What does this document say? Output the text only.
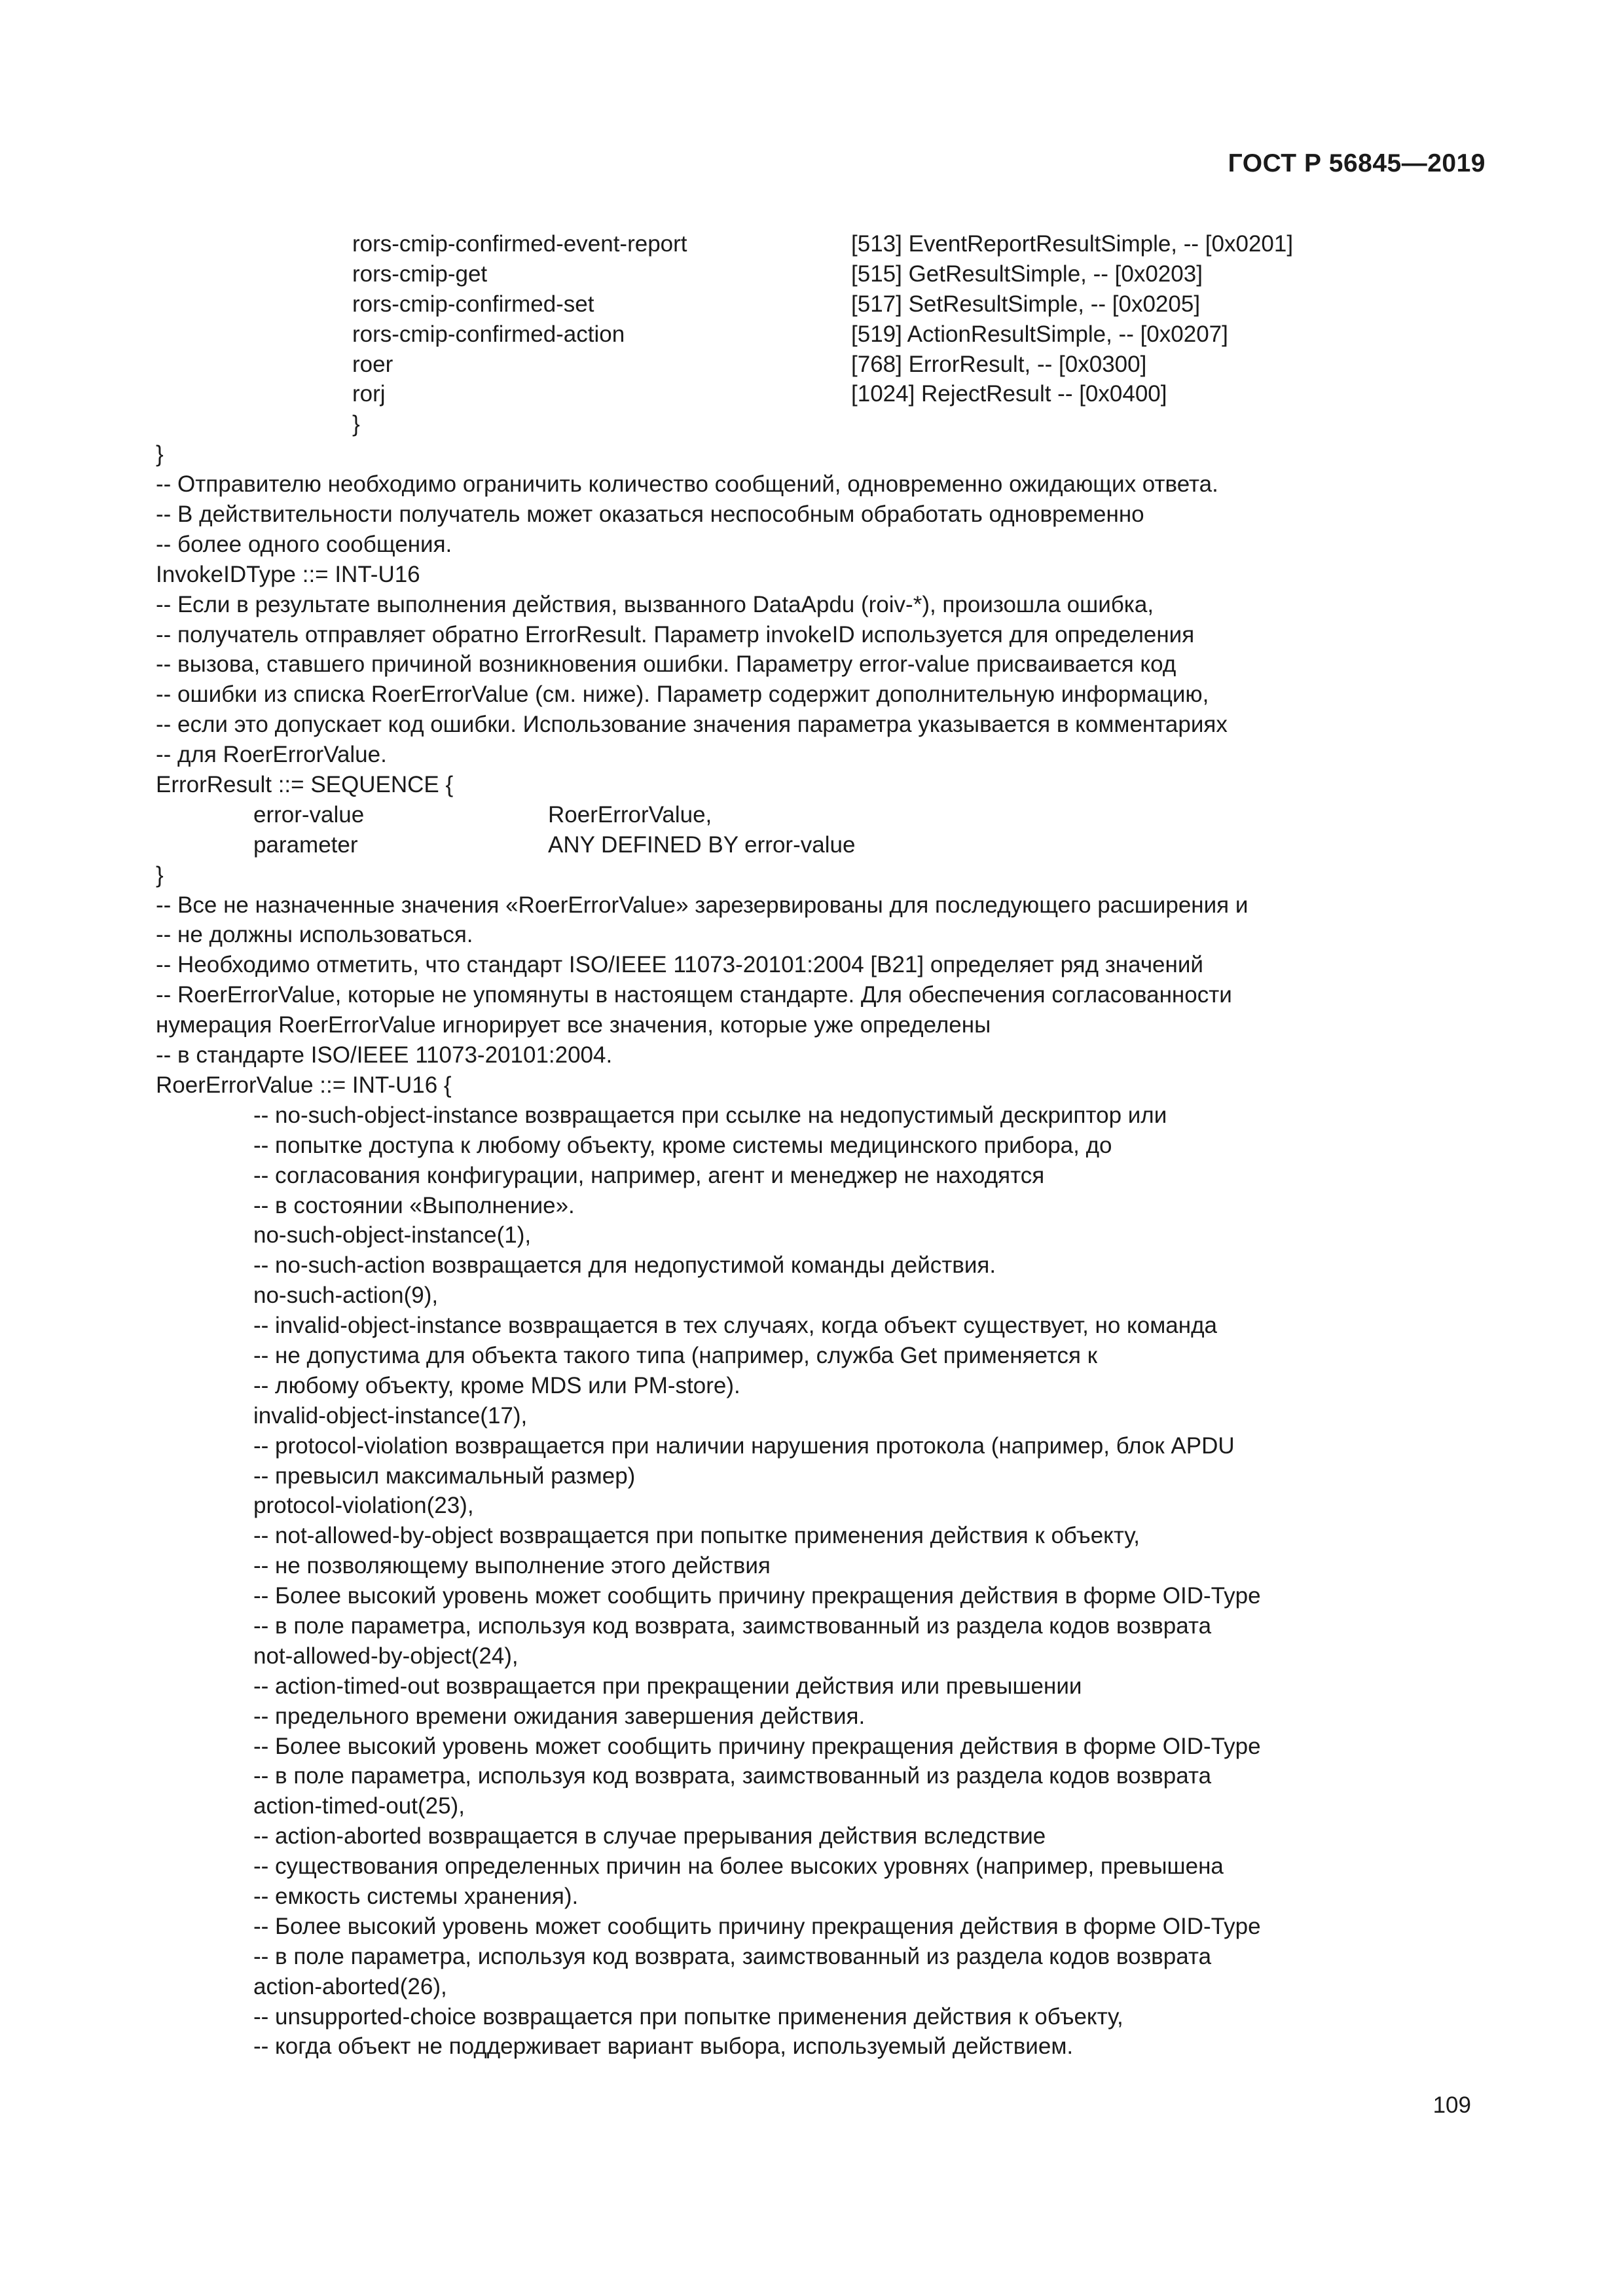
ГОСТ Р 56845—2019
rors-cmip-confirmed-event-report	[513] EventReportResultSimple, -- [0x0201]
rors-cmip-get	[515] GetResultSimple, -- [0x0203]
rors-cmip-confirmed-set	[517] SetResultSimple, -- [0x0205]
rors-cmip-confirmed-action	[519] ActionResultSimple, -- [0x0207]
roer	[768] ErrorResult, -- [0x0300]
rorj	[1024] RejectResult -- [0x0400]
}
}
-- Отправителю необходимо ограничить количество сообщений, одновременно ожидающих ответа.
-- В действительности получатель может оказаться неспособным обработать одновременно
-- более одного сообщения.
InvokeIDType ::= INT-U16
-- Если в результате выполнения действия, вызванного DataApdu (roiv-*), произошла ошибка,
-- получатель отправляет обратно ErrorResult. Параметр invokeID используется для определения
-- вызова, ставшего причиной возникновения ошибки. Параметру error-value присваивается код
-- ошибки из списка RoerErrorValue (см. ниже). Параметр содержит дополнительную информацию,
-- если это допускает код ошибки. Использование значения параметра указывается в комментариях
-- для RoerErrorValue.
ErrorResult ::= SEQUENCE {
error-value	RoerErrorValue,
parameter	ANY DEFINED BY error-value
}
-- Все не назначенные значения «RoerErrorValue» зарезервированы для последующего расширения и
-- не должны использоваться.
-- Необходимо отметить, что стандарт ISO/IEEE 11073-20101:2004 [B21] определяет ряд значений
-- RoerErrorValue, которые не упомянуты в настоящем стандарте. Для обеспечения согласованности
нумерация RoerErrorValue игнорирует все значения, которые уже определены
-- в стандарте ISO/IEEE 11073-20101:2004.
RoerErrorValue ::= INT-U16 {
-- no-such-object-instance возвращается при ссылке на недопустимый дескриптор или
-- попытке доступа к любому объекту, кроме системы медицинского прибора, до
-- согласования конфигурации, например, агент и менеджер не находятся
-- в состоянии «Выполнение».
no-such-object-instance(1),
-- no-such-action возвращается для недопустимой команды действия.
no-such-action(9),
-- invalid-object-instance возвращается в тех случаях, когда объект существует, но команда
-- не допустима для объекта такого типа (например, служба Get применяется к
-- любому объекту, кроме MDS или PM-store).
invalid-object-instance(17),
-- protocol-violation возвращается при наличии нарушения протокола (например, блок APDU
-- превысил максимальный размер)
protocol-violation(23),
-- not-allowed-by-object возвращается при попытке применения действия к объекту,
-- не позволяющему выполнение этого действия
-- Более высокий уровень может сообщить причину прекращения действия в форме OID-Type
-- в поле параметра, используя код возврата, заимствованный из раздела кодов возврата
not-allowed-by-object(24),
-- action-timed-out возвращается при прекращении действия или превышении
-- предельного времени ожидания завершения действия.
-- Более высокий уровень может сообщить причину прекращения действия в форме OID-Type
-- в поле параметра, используя код возврата, заимствованный из раздела кодов возврата
action-timed-out(25),
-- action-aborted возвращается в случае прерывания действия вследствие
-- существования определенных причин на более высоких уровнях (например, превышена
-- емкость системы хранения).
-- Более высокий уровень может сообщить причину прекращения действия в форме OID-Type
-- в поле параметра, используя код возврата, заимствованный из раздела кодов возврата
action-aborted(26),
-- unsupported-choice возвращается при попытке применения действия к объекту,
-- когда объект не поддерживает вариант выбора, используемый действием.
109
